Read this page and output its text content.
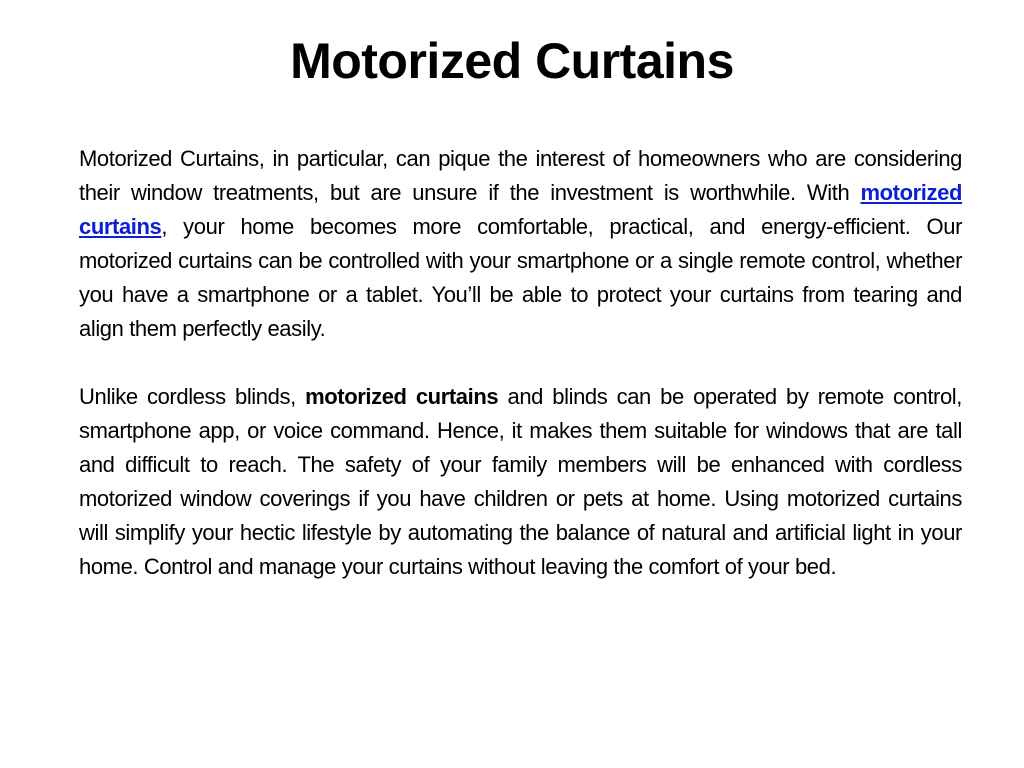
Motorized Curtains

Motorized Curtains, in particular, can pique the interest of homeowners who are considering their window treatments, but are unsure if the investment is worthwhile. With motorized curtains, your home becomes more comfortable, practical, and energy-efficient. Our motorized curtains can be controlled with your smartphone or a single remote control, whether you have a smartphone or a tablet. You’ll be able to protect your curtains from tearing and align them perfectly easily.

Unlike cordless blinds, motorized curtains and blinds can be operated by remote control, smartphone app, or voice command. Hence, it makes them suitable for windows that are tall and difficult to reach. The safety of your family members will be enhanced with cordless motorized window coverings if you have children or pets at home. Using motorized curtains will simplify your hectic lifestyle by automating the balance of natural and artificial light in your home. Control and manage your curtains without leaving the comfort of your bed.
